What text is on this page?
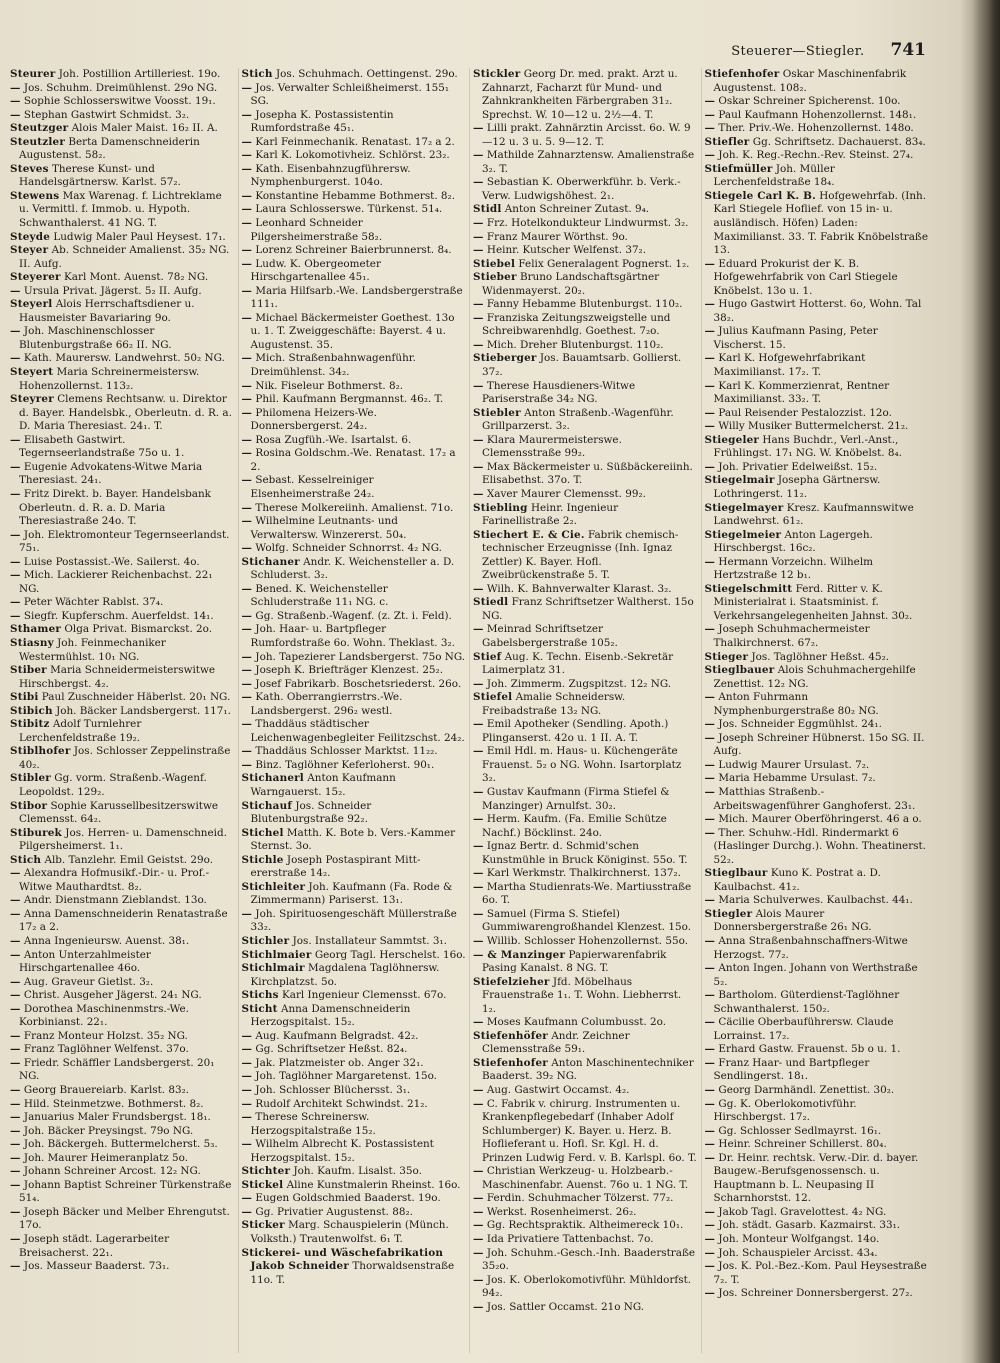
Steuerer—Stiegler. 741
Steurer Joh. Postillion Artilleriest. 19o.
— Jos. Schuhm. Dreimühlenst. 29o NG.
— Sophie Schlosserswitwe Voosst. 19₁.
— Stephan Gastwirt Schmidst. 3₂.
Steutzger Alois Maler Maist. 16₂ II. A.
Steutzler Berta Damenschneiderin Augustenst. 58₂.
Steves Therese Kunst- und Handelsgärtnersw. Karlst. 57₂.
Stewens Max Warenag. f. Lichtreklame u. Vermittl. f. Immob. u. Hypoth. Schwanthalerst. 41 NG. T.
Steyde Ludwig Maler Paul Heysest. 17₁.
Steyer Ab. Schneider Amalienst. 35₂ NG. II. Aufg.
Steyerer Karl Mont. Auenst. 78₂ NG.
— Ursula Privat. Jägerst. 5₂ II. Aufg.
Steyerl Alois Herrschaftsdiener u. Hausmeister Bavariaring 9o.
— Joh. Maschinenschlosser Blutenburgstraße 66₂ II. NG.
— Kath. Maurersw. Landwehrst. 50₂ NG.
Steyert Maria Schreinermeistersw. Hohenzollernst. 113₂.
Steyrer Clemens Rechtsanw. u. Direktor d. Bayer. Handelsbk., Oberleutn. d. R. a. D. Maria Theresiast. 24₁. T.
— Elisabeth Gastwirt. Tegernseerlandstraße 75o u. 1.
— Eugenie Advokatens-Witwe Maria Theresiast. 24₁.
— Fritz Direkt. b. Bayer. Handelsbank Oberleutn. d. R. a. D. Maria Theresiastraße 24o. T.
— Joh. Elektromonteur Tegernseerlandst. 75₁.
— Luise Postassist.-We. Sailerst. 4o.
— Mich. Lackierer Reichenbachst. 22₁ NG.
— Peter Wächter Rablst. 37₄.
— Siegfr. Kupferschm. Auerfeldst. 14₁.
Sthamer Olga Privat. Bismarckst. 2o.
Stiasny Joh. Feinmechaniker Westermühlst. 10₁ NG.
Stiber Maria Schneidermeisterswitwe Hirschbergst. 4₂.
Stibi Paul Zuschneider Häberlst. 20₁ NG.
Stibich Joh. Bäcker Landsbergerst. 117₁.
Stibitz Adolf Turnlehrer Lerchenfeldstraße 19₂.
Stiblhofer Jos. Schlosser Zeppelinstraße 40₂.
Stibler Gg. vorm. Straßenb.-Wagenf. Leopoldst. 129₂.
Stibor Sophie Karussellbesitzerswitwe Clemensst. 64₂.
Stiburek Jos. Herren- u. Damenschneid. Pilgersheimerst. 1₁.
Stich Alb. Tanzlehr. Emil Geistst. 29o.
— Alexandra Hofmusikf.-Dir.- u. Prof.-Witwe Mauthardtst. 8₂.
— Andr. Dienstmann Zieblandst. 13o.
— Anna Damenschneiderin Renatastraße 17₂ a 2.
— Anna Ingenieursw. Auenst. 38₁.
— Anton Unterzahlmeister Hirschgartenallee 46o.
— Aug. Graveur Gietlst. 3₂.
— Christ. Ausgeher Jägerst. 24₁ NG.
— Dorothea Maschinenmstrs.-We. Korbinianst. 22₁.
— Franz Monteur Holzst. 35₂ NG.
— Franz Taglöhner Welfenst. 37o.
— Friedr. Schäffler Landsbergerst. 20₁ NG.
— Georg Brauereiarb. Karlst. 83₂.
— Hild. Steinmetzwe. Bothmerst. 8₂.
— Januarius Maler Frundsbergst. 18₁.
— Joh. Bäcker Preysingst. 79o NG.
— Joh. Bäckergeh. Buttermelcherst. 5₃.
— Joh. Maurer Heimeranplatz 5o.
— Johann Schreiner Arcost. 12₂ NG.
— Johann Baptist Schreiner Türkenstraße 51₄.
— Joseph Bäcker und Melber Ehrengutst. 17o.
— Joseph städt. Lagerarbeiter Breisacherst. 22₁.
— Jos. Masseur Baaderst. 73₁.
Stich Jos. Schuhmach. Oettingenst. 29o.
— Jos. Verwalter Schleißheimerst. 155₁ SG.
— Josepha K. Postassistentin Rumfordstraße 45₁.
— Karl Feinmechanik. Renatast. 17₂ a 2.
— Karl K. Lokomotivheiz. Schlörst. 23₂.
— Kath. Eisenbahnzugführersw. Nymphenburgerst. 104o.
— Konstantine Hebamme Bothmerst. 8₂.
— Laura Schlosserswe. Türkenst. 51₄.
— Leonhard Schneider Pilgersheimerstraße 58₂.
— Lorenz Schreiner Baierbrunnerst. 8₄.
— Ludw. K. Obergeometer Hirschgartenallee 45₁.
— Maria Hilfsarb.-We. Landsbergerstraße 111₁.
— Michael Bäckermeister Goethest. 13o u. 1. T. Zweiggeschäfte: Bayerst. 4 u. Augustenst. 35.
— Mich. Straßenbahnwagenführ. Dreimühlenst. 34₂.
— Nik. Fiseleur Bothmerst. 8₂.
— Phil. Kaufmann Bergmannst. 46₂. T.
— Philomena Heizers-We. Donnersbergerst. 24₂.
— Rosa Zugfüh.-We. Isartalst. 6.
— Rosina Goldschm.-We. Renatast. 17₂ a 2.
— Sebast. Kesselreiniger Elsenheimerstraße 24₂.
— Therese Molkereiinh. Amalienst. 71o.
— Wilhelmine Leutnants- und Verwaltersw. Winzererst. 50₄.
— Wolfg. Schneider Schnorrst. 4₂ NG.
Stichaner Andr. K. Weichensteller a. D. Schluderst. 3₂.
— Bened. K. Weichensteller Schluderstraße 11₁ NG. c.
— Gg. Straßenb.-Wagenf. (z. Zt. i. Feld).
— Joh. Haar- u. Bartpfleger Rumfordstraße 6o. Wohn. Theklast. 3₂.
— Joh. Tapezierer Landsbergerst. 75o NG.
— Joseph K. Briefträger Klenzest. 25₂.
— Josef Fabrikarb. Boschetsriederst. 26o.
— Kath. Oberrangierrstrs.-We. Landsbergerst. 296₂ westl.
— Thaddäus städtischer Leichenwagenbegleiter Feilitzschst. 24₂.
— Thaddäus Schlosser Marktst. 11₂₂.
— Binz. Taglöhner Keferloherst. 90₁.
Stichanerl Anton Kaufmann Warngauerst. 15₂.
Stichauf Jos. Schneider Blutenburgstraße 92₂.
Stichel Matth. K. Bote b. Vers.-Kammer Sternst. 3o.
Stichle Joseph Postaspirant Mittererstraße 14₂.
Stichleiter Joh. Kaufmann (Fa. Rode & Zimmermann) Pariserst. 13₁.
— Joh. Spirituosengeschäft Müllerstraße 33₂.
Stichler Jos. Installateur Sammtst. 3₁.
Stichlmaier Georg Tagl. Herschelst. 16o.
Stichlmair Magdalena Taglöhnersw. Kirchplatzst. 5o.
Stichs Karl Ingenieur Clemensst. 67o.
Sticht Anna Damenschneiderin Herzogspitalst. 15₂.
— Aug. Kaufmann Belgradst. 42₂.
— Gg. Schriftsetzer Heßst. 82₄.
— Jak. Platzmeister ob. Anger 32₁.
— Joh. Taglöhner Margaretenst. 15o.
— Joh. Schlosser Blüchersst. 3₁.
— Rudolf Architekt Schwindst. 21₂.
— Therese Schreinersw. Herzogspitalstraße 15₂.
— Wilhelm Albrecht K. Postassistent Herzogspitalst. 15₂.
Stichter Joh. Kaufm. Lisalst. 35o.
Stickel Aline Kunstmalerin Rheinst. 16o.
— Eugen Goldschmied Baaderst. 19o.
— Gg. Privatier Augustenst. 88₂.
Sticker Marg. Schauspielerin (Münch. Volksth.) Trautenwolfst. 6₁ T.
Stickerei- und Wäschefabrikation Jakob Schneider Thorwaldsenstraße 11o. T.
Stickler Georg Dr. med. prakt. Arzt u. Zahnarzt, Facharzt für Mund- und Zahnkrankheiten Färbergraben 31₂. Sprechst. W. 10—12 u. 2½—4. T.
— Lilli prakt. Zahnärztin Arcisst. 6o. W. 9—12 u. 3 u. 5. 9—12. T.
— Mathilde Zahnarztensw. Amalienstraße 3₂. T.
— Sebastian K. Oberwerkführ. b. Verk.-Verw. Ludwigshöhest. 2₁.
Stidl Anton Schreiner Zutast. 9₄.
— Frz. Hotelkondukteur Lindwurmst. 3₂.
— Franz Maurer Wörthst. 9o.
— Heinr. Kutscher Welfenst. 37₂.
Stiebel Felix Generalagent Pognerst. 1₂.
Stieber Bruno Landschaftsgärtner Widenmayerst. 20₂.
— Fanny Hebamme Blutenburgst. 110₂.
— Franziska Zeitungszweigstelle und Schreibwarenhdlg. Goethest. 7₂o.
— Mich. Dreher Blutenburgst. 110₂.
Stieberger Jos. Bauamtsarb. Gollierst. 37₂.
— Therese Hausdieners-Witwe Pariserstraße 34₂ NG.
Stiebler Anton Straßenb.-Wagenführ. Grillparzerst. 3₂.
— Klara Maurermeisterswe. Clemensstraße 99₂.
— Max Bäckermeister u. Süßbäckereiinh. Elisabethst. 37o. T.
— Xaver Maurer Clemensst. 99₂.
Stiebling Heinr. Ingenieur Farinellistraße 2₂.
Stiechert E. & Cie. Fabrik chemisch-technischer Erzeugnisse (Inh. Ignaz Zettler) K. Bayer. Hofl. Zweibrückenstraße 5. T.
— Wilh. K. Bahnverwalter Klarast. 3₂.
Stiedl Franz Schriftsetzer Waltherst. 15o NG.
— Meinrad Schriftsetzer Gabelsbergerstraße 105₂.
Stief Aug. K. Techn. Eisenb.-Sekretär Laimerplatz 31.
— Joh. Zimmerm. Zugspitzst. 12₂ NG.
Stiefel Amalie Schneidersw. Freibadstraße 13₂ NG.
— Emil Apotheker (Sendling. Apoth.) Plinganserst. 42o u. 1 II. A. T.
— Emil Hdl. m. Haus- u. Küchengeräte Frauenst. 5₂ o NG. Wohn. Isartorplatz 3₂.
— Gustav Kaufmann (Firma Stiefel & Manzinger) Arnulfst. 30₂.
— Herm. Kaufm. (Fa. Emilie Schütze Nachf.) Böcklinst. 24o.
— Ignaz Bertr. d. Schmid'schen Kunstmühle in Bruck Königinst. 55o. T.
— Karl Werkmstr. Thalkirchnerst. 137₂.
— Martha Studienrats-We. Martiusstraße 6o. T.
— Samuel (Firma S. Stiefel) Gummiwarengroßhandel Klenzest. 15o.
— Willib. Schlosser Hohenzollernst. 55o.
— & Manzinger Papierwarenfabrik Pasing Kanalst. 8 NG. T.
Stiefelzieher Jfd. Möbelhaus Frauenstraße 1₁. T. Wohn. Liebherrst. 1₂.
— Moses Kaufmann Columbusst. 2o.
Stiefenhöfer Andr. Zeichner Clemensstraße 59₁.
Stiefenhofer Anton Maschinentechniker Baaderst. 39₂ NG.
— Aug. Gastwirt Occamst. 4₂.
— C. Fabrik v. chirurg. Instrumenten u. Krankenpflegebedarf (Inhaber Adolf Schlumberger) K. Bayer. u. Herz. B. Hoflieferant u. Hofl. Sr. Kgl. H. d. Prinzen Ludwig Ferd. v. B. Karlspl. 6o. T.
— Christian Werkzeug- u. Holzbearb.-Maschinenfabr. Auenst. 76o u. 1 NG. T.
— Ferdin. Schuhmacher Tölzerst. 77₂.
— Werkst. Rosenheimerst. 26₂.
— Gg. Rechtspraktik. Altheimereck 10₁.
— Ida Privatiere Tattenbachst. 7o.
— Joh. Schuhm.-Gesch.-Inh. Baaderstraße 35₂o.
— Jos. K. Oberlokomotivführ. Mühldorfst. 94₂.
— Jos. Sattler Occamst. 21o NG.
Stiefenhofer Oskar Maschinenfabrik Augustenst. 108₂.
— Oskar Schreiner Spicherenst. 10o.
— Paul Kaufmann Hohenzollernst. 148₁.
— Ther. Priv.-We. Hohenzollernst. 148o.
Stiefler Gg. Schriftsetz. Dachauerst. 83₄.
— Joh. K. Reg.-Rechn.-Rev. Steinst. 27₄.
Stiefmüller Joh. Müller Lerchenfeldstraße 18₄.
Stiegele Carl K. B. Hofgewehrfab. (Inh. Karl Stiegele Hoflief. von 15 in- u. ausländisch. Höfen) Laden: Maximilianst. 33. T. Fabrik Knöbelstraße 13.
— Eduard Prokurist der K. B. Hofgewehrfabrik von Carl Stiegele Knöbelst. 13o u. 1.
— Hugo Gastwirt Hotterst. 6o, Wohn. Tal 38₂.
— Julius Kaufmann Pasing, Peter Vischerst. 15.
— Karl K. Hofgewehrfabrikant Maximilianst. 17₂. T.
— Karl K. Kommerzienrat, Rentner Maximilianst. 33₂. T.
— Paul Reisender Pestalozzist. 12o.
— Willy Musiker Buttermelcherst. 21₂.
Stiegeler Hans Buchdr., Verl.-Anst., Frühlingst. 17₁ NG. W. Knöbelst. 8₄.
— Joh. Privatier Edelweißst. 15₂.
Stiegelmair Josepha Gärtnersw. Lothringerst. 11₂.
Stiegelmayer Kresz. Kaufmannswitwe Landwehrst. 61₂.
Stiegelmeier Anton Lagergeh. Hirschbergst. 16c₂.
— Hermann Vorzeichn. Wilhelm Hertzstraße 12 b₁.
Stiegelschmitt Ferd. Ritter v. K. Ministerialrat i. Staatsminist. f. Verkehrsangelegenheiten Jahnst. 30₂.
— Joseph Schuhmachermeister Thalkirchnerst. 67₂.
Stieger Jos. Taglöhner Heßst. 45₂.
Stieglbauer Alois Schuhmachergehilfe Zenettist. 12₂ NG.
— Anton Fuhrmann Nymphenburgerstraße 80₂ NG.
— Jos. Schneider Eggmühlst. 24₁.
— Joseph Schreiner Hübnerst. 15o SG. II. Aufg.
— Ludwig Maurer Ursulast. 7₂.
— Maria Hebamme Ursulast. 7₂.
— Matthias Straßenb.-Arbeitswagenführer Ganghoferst. 23₁.
— Mich. Maurer Oberföhringerst. 46 a o.
— Ther. Schuhw.-Hdl. Rindermarkt 6 (Haslinger Durchg.). Wohn. Theatinerst. 52₂.
Stieglbaur Kuno K. Postrat a. D. Kaulbachst. 41₂.
— Maria Schulverwes. Kaulbachst. 44₁.
Stiegler Alois Maurer Donnersbergerstraße 26₁ NG.
— Anna Straßenbahnschaffners-Witwe Herzogst. 77₂.
— Anton Ingen. Johann von Werthstraße 5₂.
— Bartholom. Güterdienst-Taglöhner Schwanthalerst. 150₂.
— Cäcilie Oberbauführersw. Claude Lorrainst. 17₂.
— Erhard Gastw. Frauenst. 5b o u. 1.
— Franz Haar- und Bartpfleger Sendlingerst. 18₁.
— Georg Darmhändl. Zenettist. 30₂.
— Gg. K. Oberlokomotivführ. Hirschbergst. 17₂.
— Gg. Schlosser Sedlmayrst. 16₁.
— Heinr. Schreiner Schillerst. 80₄.
— Dr. Heinr. rechtsk. Verw.-Dir. d. bayer. Baugew.-Berufsgenossensch. u. Hauptmann b. L. Neupasing II Scharnhorstst. 12.
— Jakob Tagl. Gravelottest. 4₂ NG.
— Joh. städt. Gasarb. Kazmairst. 33₁.
— Joh. Monteur Wolfgangst. 14o.
— Joh. Schauspieler Arcisst. 43₄.
— Jos. K. Pol.-Bez.-Kom. Paul Heysestraße 7₂. T.
— Jos. Schreiner Donnersbergerst. 27₂.
